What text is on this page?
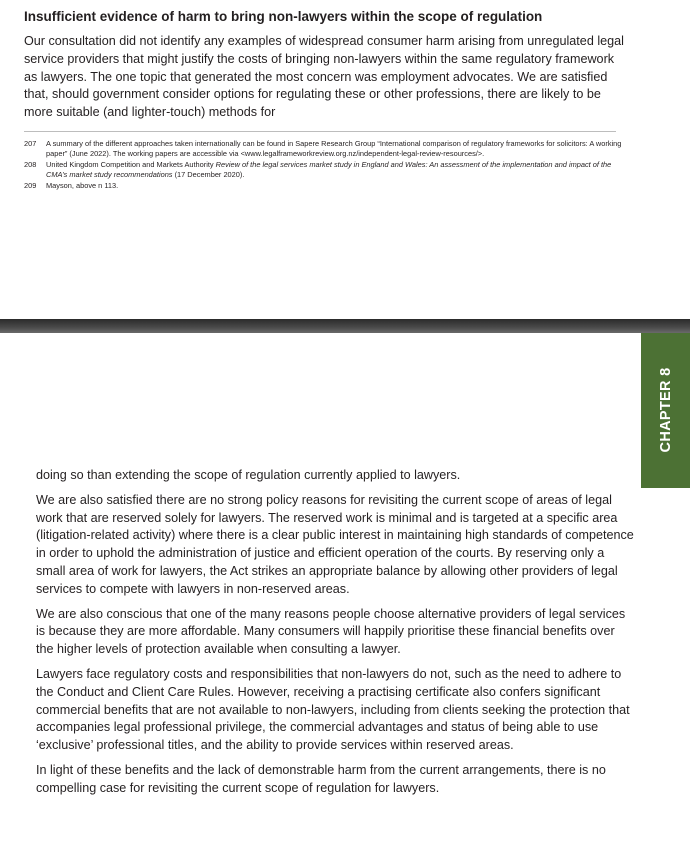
Insufficient evidence of harm to bring non-lawyers within the scope of regulation
Our consultation did not identify any examples of widespread consumer harm arising from unregulated legal service providers that might justify the costs of bringing non-lawyers within the same regulatory framework as lawyers. The one topic that generated the most concern was employment advocates. We are satisfied that, should government consider options for regulating these or other professions, there are likely to be more suitable (and lighter-touch) methods for
207	A summary of the different approaches taken internationally can be found in Sapere Research Group “International comparison of regulatory frameworks for solicitors: A working paper” (June 2022). The working papers are accessible via <www.legalframeworkreview.org.nz/independent-legal-review-resources/>.
208	United Kingdom Competition and Markets Authority Review of the legal services market study in England and Wales: An assessment of the implementation and impact of the CMA’s market study recommendations (17 December 2020).
209	Mayson, above n 113.
CHAPTER 8

doing so than extending the scope of regulation currently applied to lawyers.

We are also satisfied there are no strong policy reasons for revisiting the current scope of areas of legal work that are reserved solely for lawyers. The reserved work is minimal and is targeted at a specific area (litigation-related activity) where there is a clear public interest in maintaining high standards of competence in order to uphold the administration of justice and efficient operation of the courts. By reserving only a small area of work for lawyers, the Act strikes an appropriate balance by allowing other providers of legal services to compete with lawyers in non-reserved areas.

We are also conscious that one of the many reasons people choose alternative providers of legal services is because they are more affordable. Many consumers will happily prioritise these financial benefits over the higher levels of protection available when consulting a lawyer.

Lawyers face regulatory costs and responsibilities that non-lawyers do not, such as the need to adhere to the Conduct and Client Care Rules. However, receiving a practising certificate also confers significant commercial benefits that are not available to non-lawyers, including from clients seeking the protection that accompanies legal professional privilege, the commercial advantages and status of being able to use ‘exclusive’ professional titles, and the ability to provide services within reserved areas.

In light of these benefits and the lack of demonstrable harm from the current arrangements, there is no compelling case for revisiting the current scope of regulation for lawyers.
